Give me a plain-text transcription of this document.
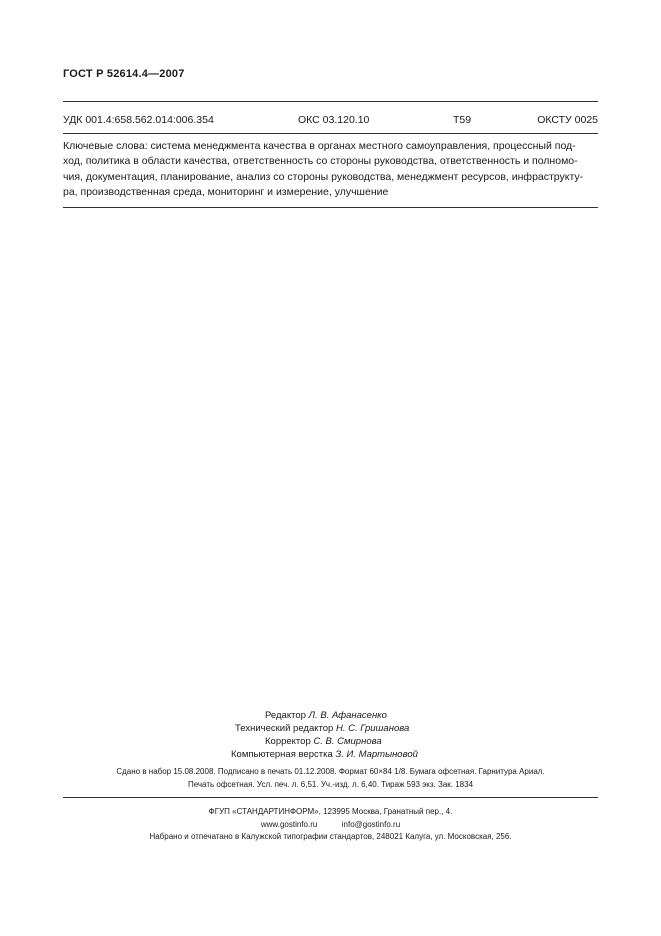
ГОСТ Р 52614.4—2007
УДК 001.4:658.562.014:006.354	ОКС 03.120.10	Т59	ОКСТУ 0025
Ключевые слова: система менеджмента качества в органах местного самоуправления, процессный под-
ход, политика в области качества, ответственность со стороны руководства, ответственность и полномо-
чия, документация, планирование, анализ со стороны руководства, менеджмент ресурсов, инфраструкту-
ра, производственная среда, мониторинг и измерение, улучшение
Редактор Л. В. Афанасенко
Технический редактор Н. С. Гришанова
Корректор С. В. Смирнова
Компьютерная верстка З. И. Мартыновой
Сдано в набор 15.08.2008. Подписано в печать 01.12.2008. Формат 60×84 1/8. Бумага офсетная. Гарнитура Ариал.
Печать офсетная. Усл. печ. л. 6,51. Уч.-изд. л. 6,40. Тираж 593 экз. Зак. 1834
ФГУП «СТАНДАРТИНФОРМ», 123995 Москва, Гранатный пер., 4.
www.gostinfo.ru	info@gostinfo.ru
Набрано и отпечатано в Калужской типографии стандартов, 248021 Калуга, ул. Московская, 256.
